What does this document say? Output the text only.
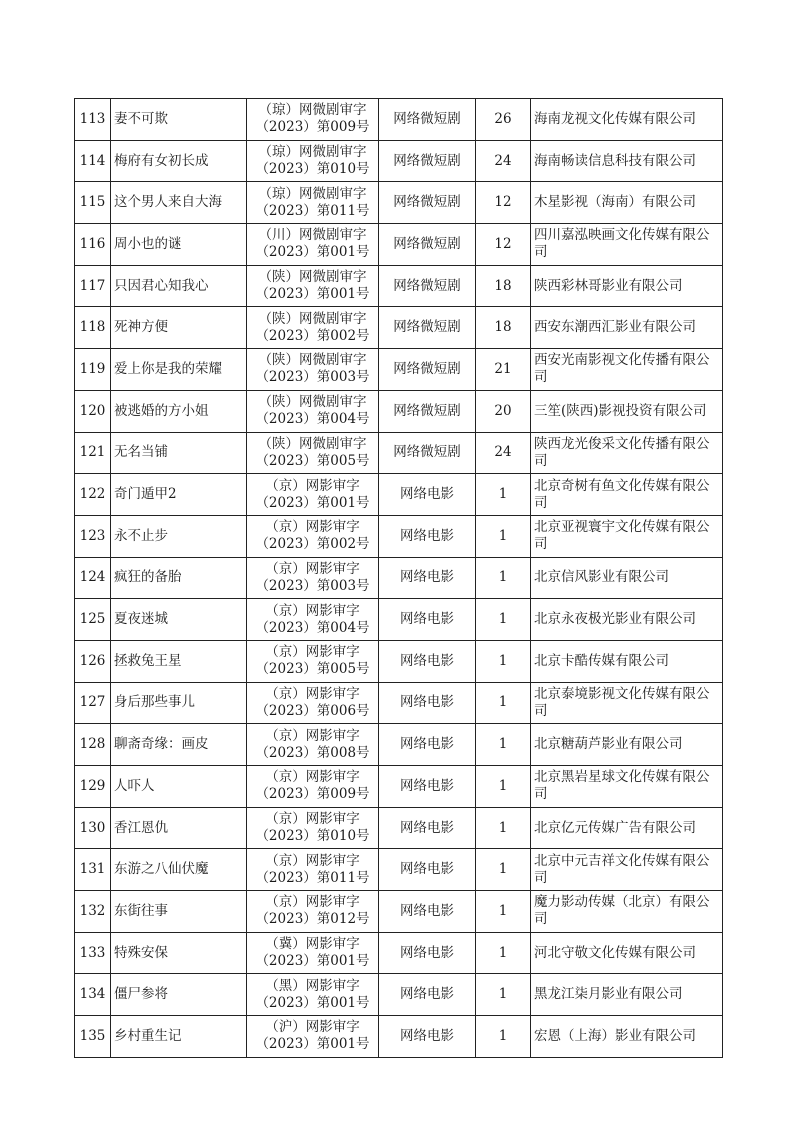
113	妻不可欺	（琼）网微剧审字
（2023）第009号	网络微短剧	26	海南龙视文化传媒有限公司
114	梅府有女初长成	（琼）网微剧审字
（2023）第010号	网络微短剧	24	海南畅读信息科技有限公司
115	这个男人来自大海	（琼）网微剧审字
（2023）第011号	网络微短剧	12	木星影视（海南）有限公司
116	周小也的谜	（川）网微剧审字
（2023）第001号	网络微短剧	12	四川嘉泓映画文化传媒有限公司
117	只因君心知我心	（陕）网微剧审字
（2023）第001号	网络微短剧	18	陕西彩林哥影业有限公司
118	死神方便	（陕）网微剧审字
（2023）第002号	网络微短剧	18	西安东潮西汇影业有限公司
119	爱上你是我的荣耀	（陕）网微剧审字
（2023）第003号	网络微短剧	21	西安光南影视文化传播有限公司
120	被逃婚的方小姐	（陕）网微剧审字
（2023）第004号	网络微短剧	20	三笙(陕西)影视投资有限公司
121	无名当铺	（陕）网微剧审字
（2023）第005号	网络微短剧	24	陕西龙光俊采文化传播有限公司
122	奇门遁甲2	（京）网影审字
（2023）第001号	网络电影	1	北京奇树有鱼文化传媒有限公司
123	永不止步	（京）网影审字
（2023）第002号	网络电影	1	北京亚视寰宇文化传媒有限公司
124	疯狂的备胎	（京）网影审字
（2023）第003号	网络电影	1	北京信风影业有限公司
125	夏夜迷城	（京）网影审字
（2023）第004号	网络电影	1	北京永夜极光影业有限公司
126	拯救兔王星	（京）网影审字
（2023）第005号	网络电影	1	北京卡酷传媒有限公司
127	身后那些事儿	（京）网影审字
（2023）第006号	网络电影	1	北京泰境影视文化传媒有限公司
128	聊斋奇缘：画皮	（京）网影审字
（2023）第008号	网络电影	1	北京糖葫芦影业有限公司
129	人吓人	（京）网影审字
（2023）第009号	网络电影	1	北京黑岩星球文化传媒有限公司
130	香江恩仇	（京）网影审字
（2023）第010号	网络电影	1	北京亿元传媒广告有限公司
131	东游之八仙伏魔	（京）网影审字
（2023）第011号	网络电影	1	北京中元吉祥文化传媒有限公司
132	东街往事	（京）网影审字
（2023）第012号	网络电影	1	魔力影动传媒（北京）有限公司
133	特殊安保	（冀）网影审字
（2023）第001号	网络电影	1	河北守敬文化传媒有限公司
134	僵尸参将	（黑）网影审字
（2023）第001号	网络电影	1	黑龙江柒月影业有限公司
135	乡村重生记	（沪）网影审字
（2023）第001号	网络电影	1	宏恩（上海）影业有限公司
